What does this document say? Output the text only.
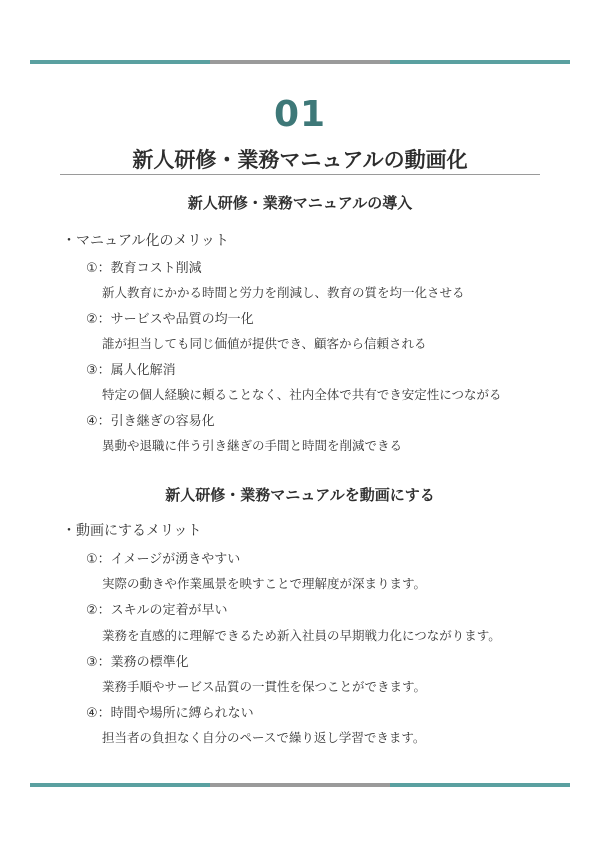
01
新人研修・業務マニュアルの動画化
新人研修・業務マニュアルの導入
・マニュアル化のメリット
①：教育コスト削減
新人教育にかかる時間と労力を削減し、教育の質を均一化させる
②：サービスや品質の均一化
誰が担当しても同じ価値が提供でき、顧客から信頼される
③：属人化解消
特定の個人経験に頼ることなく、社内全体で共有でき安定性につながる
④：引き継ぎの容易化
異動や退職に伴う引き継ぎの手間と時間を削減できる
新人研修・業務マニュアルを動画にする
・動画にするメリット
①：イメージが湧きやすい
実際の動きや作業風景を映すことで理解度が深まります。
②：スキルの定着が早い
業務を直感的に理解できるため新入社員の早期戦力化につながります。
③：業務の標準化
業務手順やサービス品質の一貫性を保つことができます。
④：時間や場所に縛られない
担当者の負担なく自分のペースで繰り返し学習できます。
